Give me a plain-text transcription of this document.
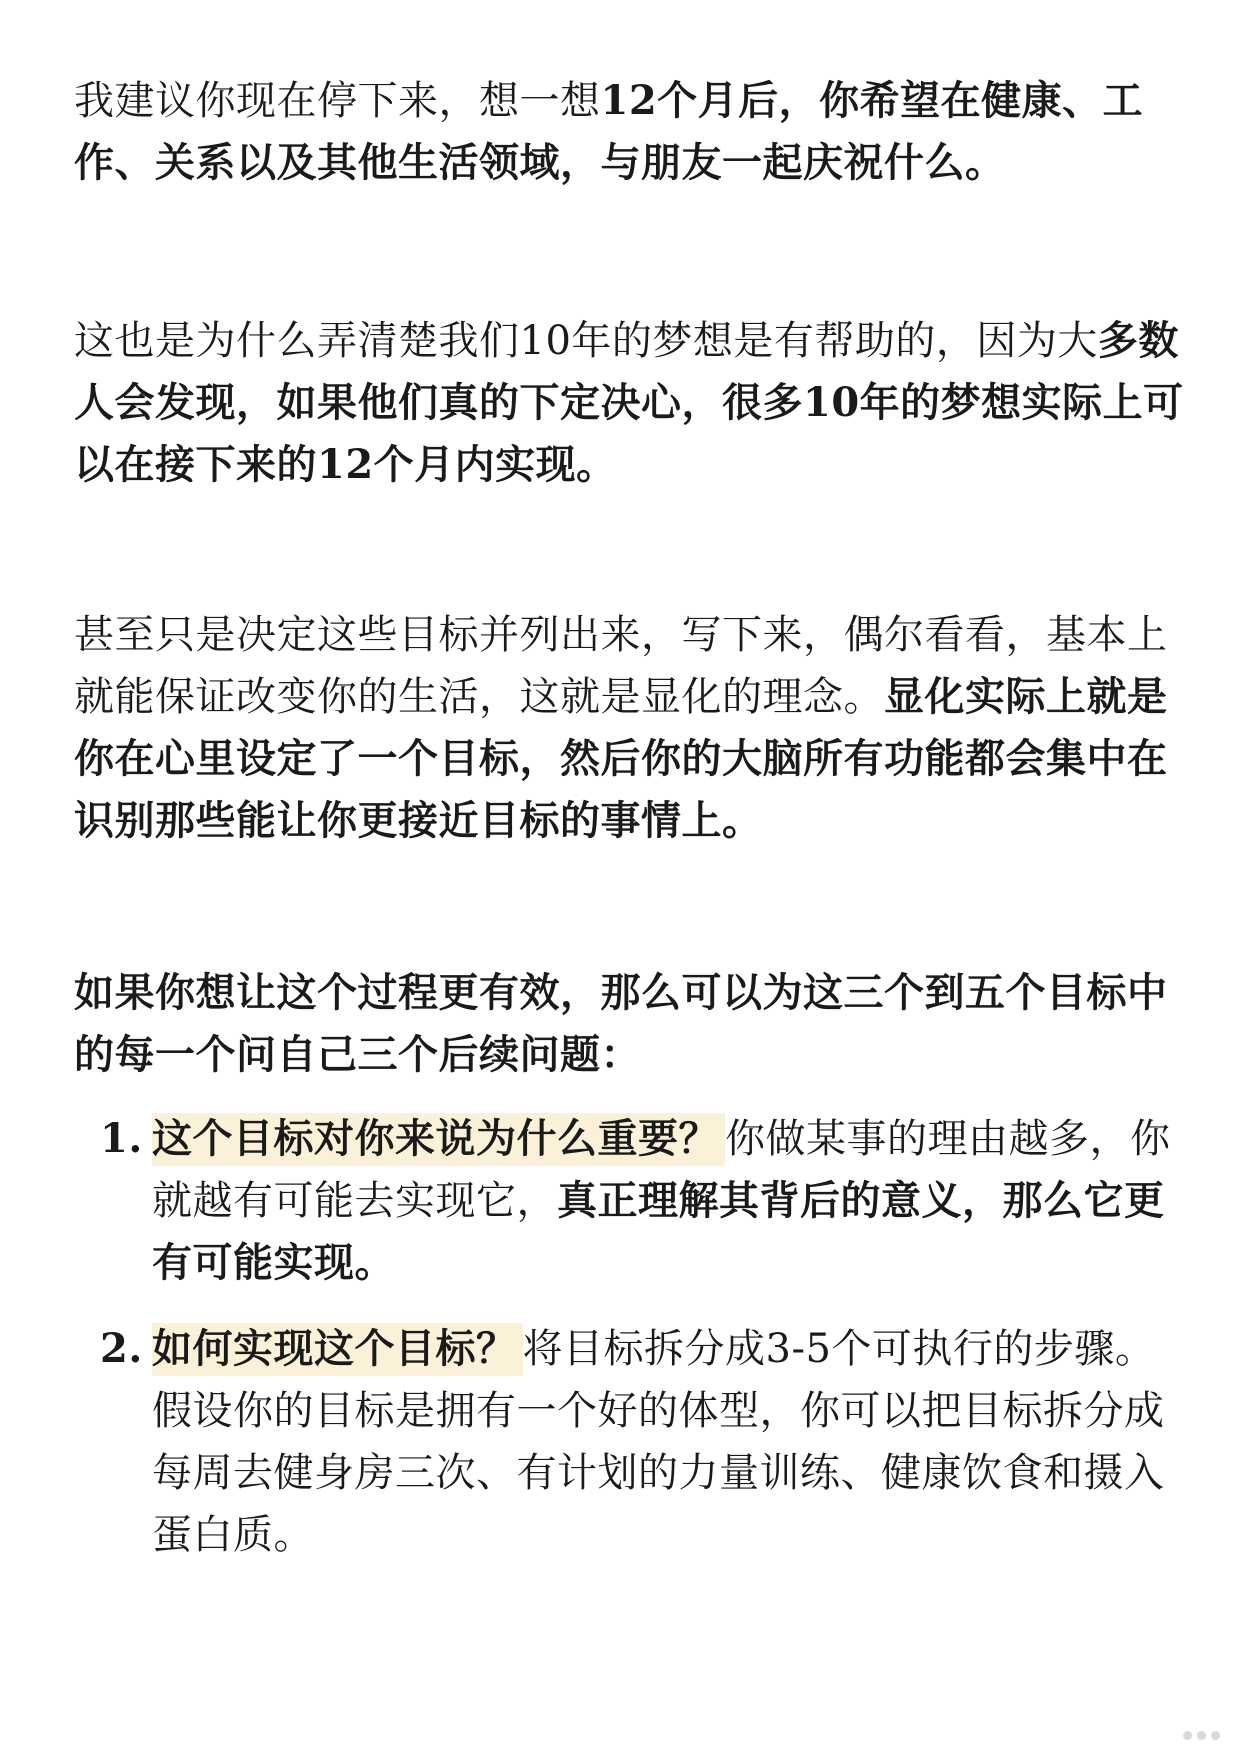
我建议你现在停下来，想一想12个月后，你希望在健康、工作、关系以及其他生活领域，与朋友一起庆祝什么。

这也是为什么弄清楚我们10年的梦想是有帮助的，因为大多数人会发现，如果他们真的下定决心，很多10年的梦想实际上可以在接下来的12个月内实现。

甚至只是决定这些目标并列出来，写下来，偶尔看看，基本上就能保证改变你的生活，这就是显化的理念。显化实际上就是你在心里设定了一个目标，然后你的大脑所有功能都会集中在识别那些能让你更接近目标的事情上。

如果你想让这个过程更有效，那么可以为这三个到五个目标中的每一个问自己三个后续问题：

1. 这个目标对你来说为什么重要？ 你做某事的理由越多，你就越有可能去实现它，真正理解其背后的意义，那么它更有可能实现。
2. 如何实现这个目标？ 将目标拆分成3-5个可执行的步骤。假设你的目标是拥有一个好的体型，你可以把目标拆分成每周去健身房三次、有计划的力量训练、健康饮食和摄入蛋白质。
